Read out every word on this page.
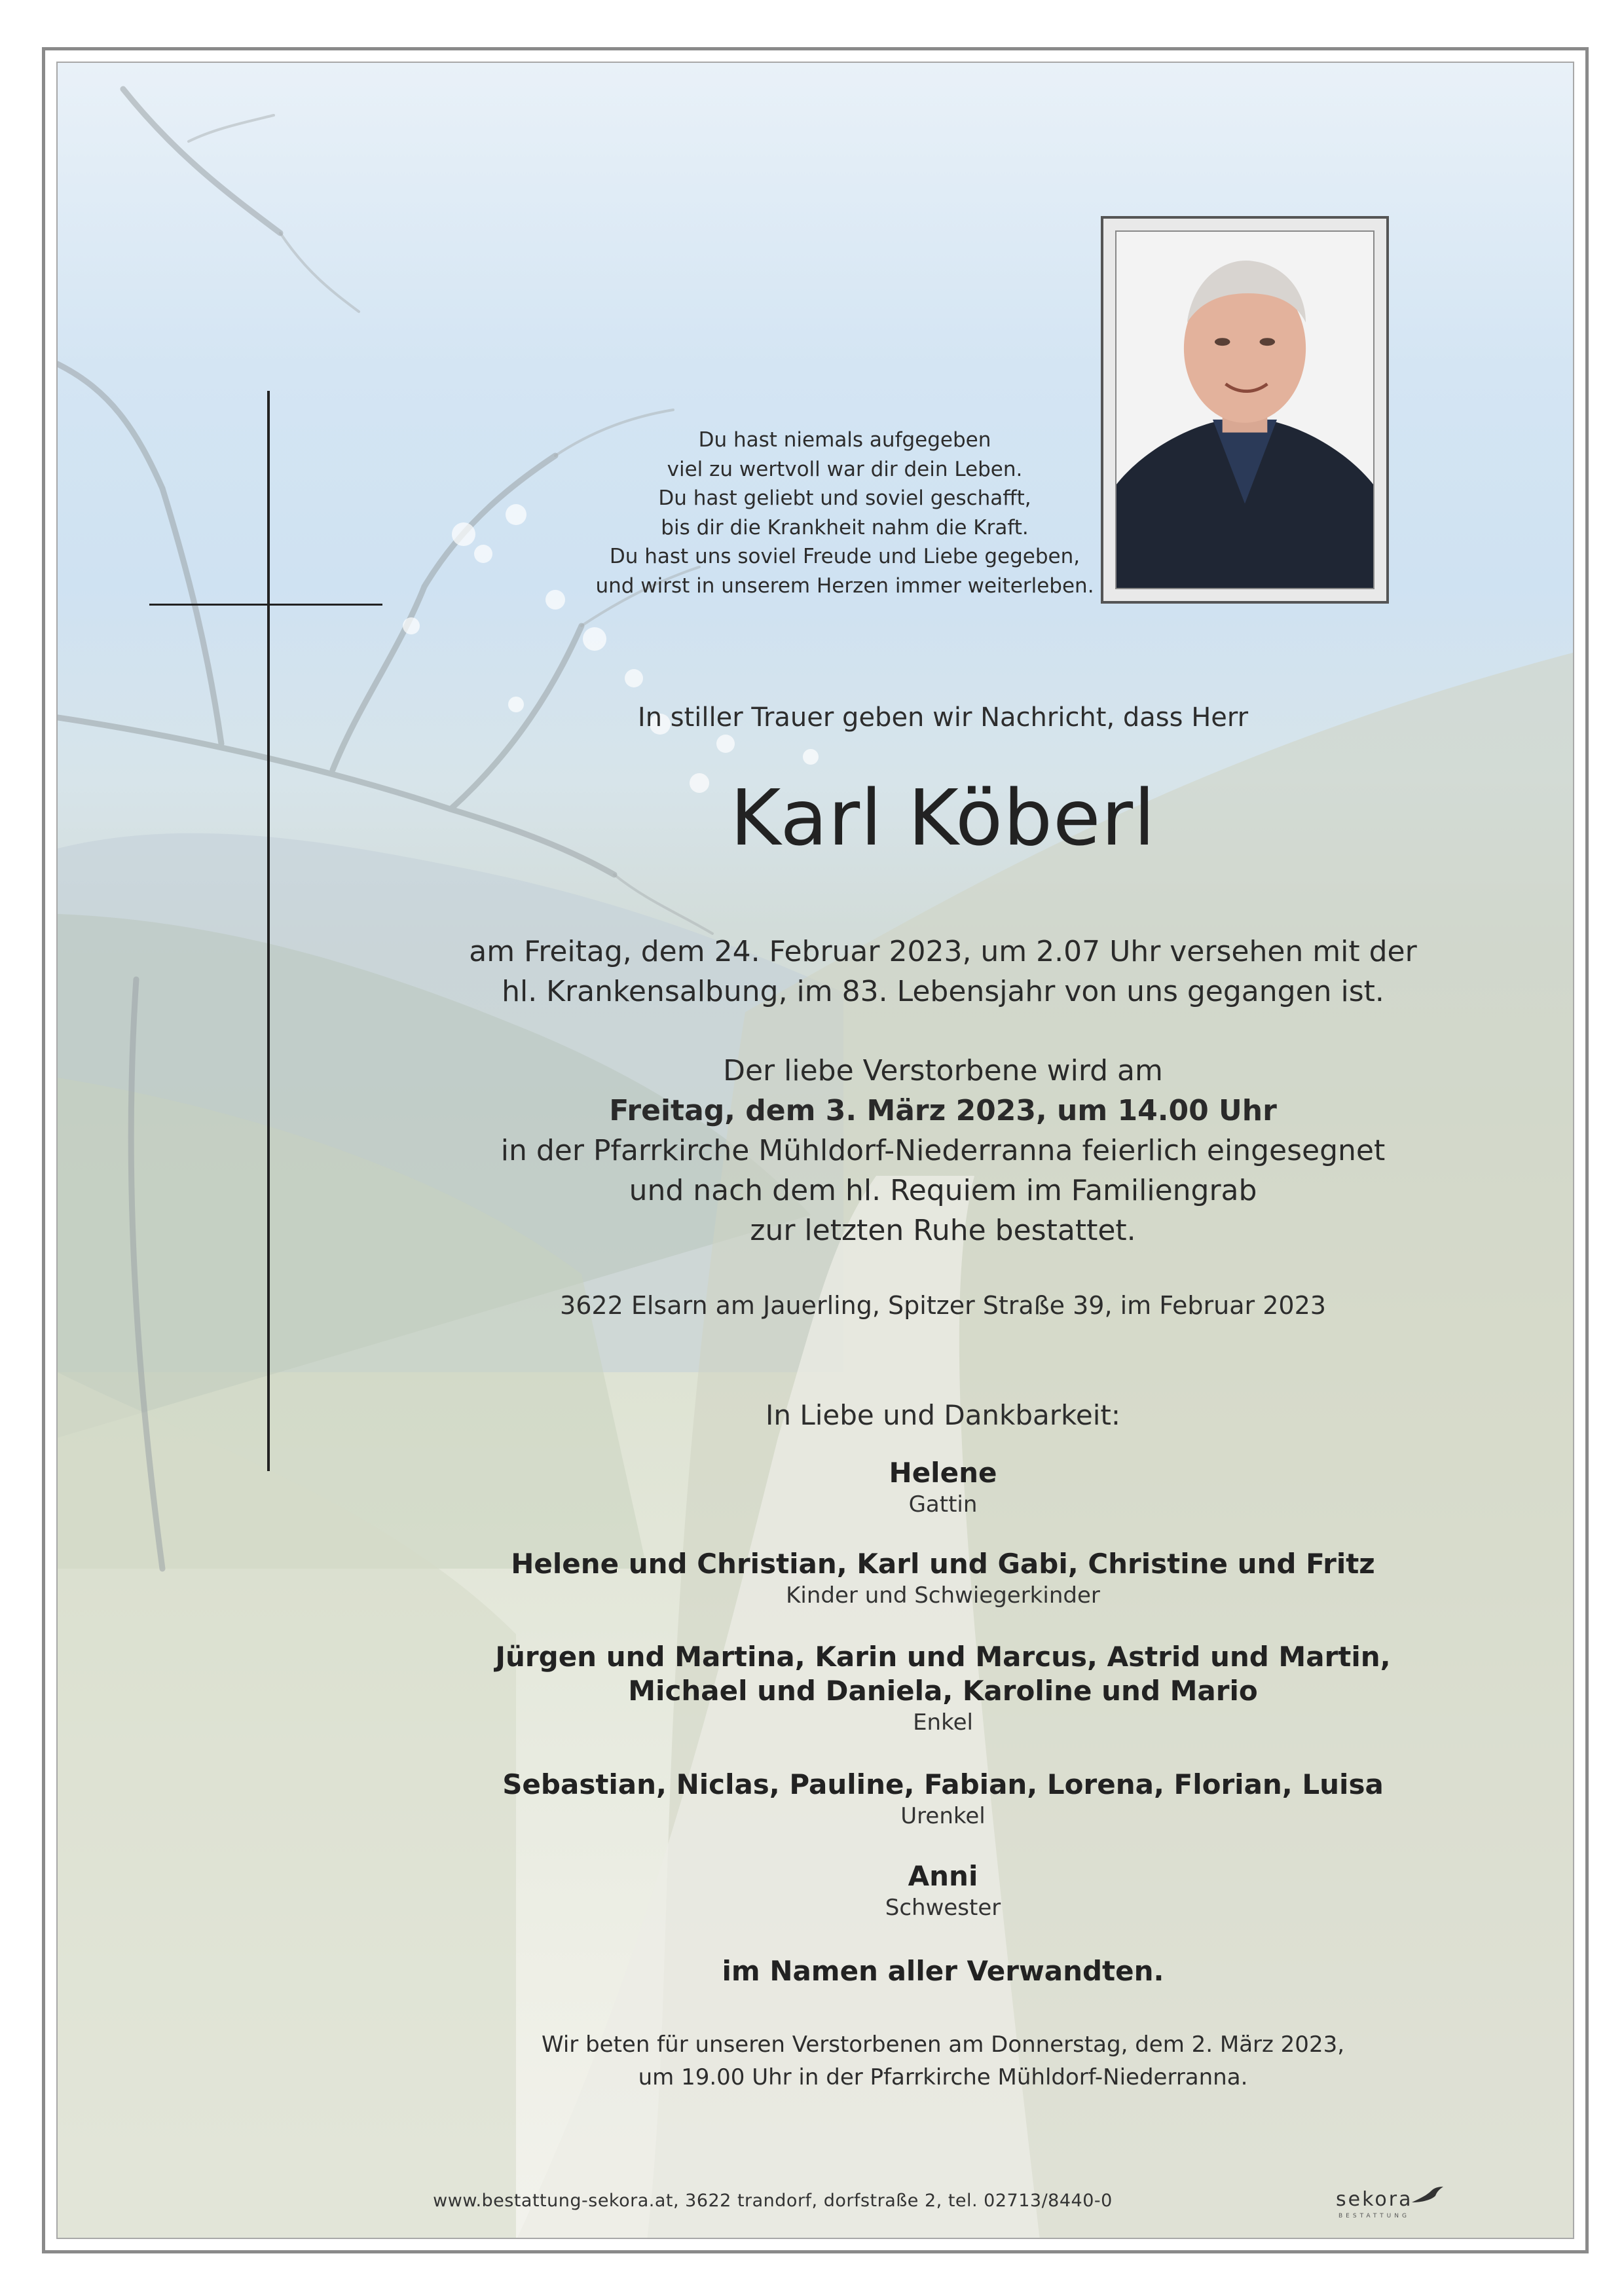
Du hast niemals aufgegeben
viel zu wertvoll war dir dein Leben.
Du hast geliebt und soviel geschafft,
bis dir die Krankheit nahm die Kraft.
Du hast uns soviel Freude und Liebe gegeben,
und wirst in unserem Herzen immer weiterleben.
In stiller Trauer geben wir Nachricht, dass Herr
Karl Köberl
am Freitag, dem 24. Februar 2023, um 2.07 Uhr versehen mit der
hl. Krankensalbung, im 83. Lebensjahr von uns gegangen ist.
Der liebe Verstorbene wird am
Freitag, dem 3. März 2023, um 14.00 Uhr
in der Pfarrkirche Mühldorf-Niederranna feierlich eingesegnet
und nach dem hl. Requiem im Familiengrab
zur letzten Ruhe bestattet.
3622 Elsarn am Jauerling, Spitzer Straße 39, im Februar 2023
In Liebe und Dankbarkeit:
Helene
Gattin
Helene und Christian, Karl und Gabi, Christine und Fritz
Kinder und Schwiegerkinder
Jürgen und Martina, Karin und Marcus, Astrid und Martin,
Michael und Daniela, Karoline und Mario
Enkel
Sebastian, Niclas, Pauline, Fabian, Lorena, Florian, Luisa
Urenkel
Anni
Schwester
im Namen aller Verwandten.
Wir beten für unseren Verstorbenen am Donnerstag, dem 2. März 2023,
um 19.00 Uhr in der Pfarrkirche Mühldorf-Niederranna.
www.bestattung-sekora.at, 3622 trandorf, dorfstraße 2, tel. 02713/8440-0	sekora
BESTATTUNG
